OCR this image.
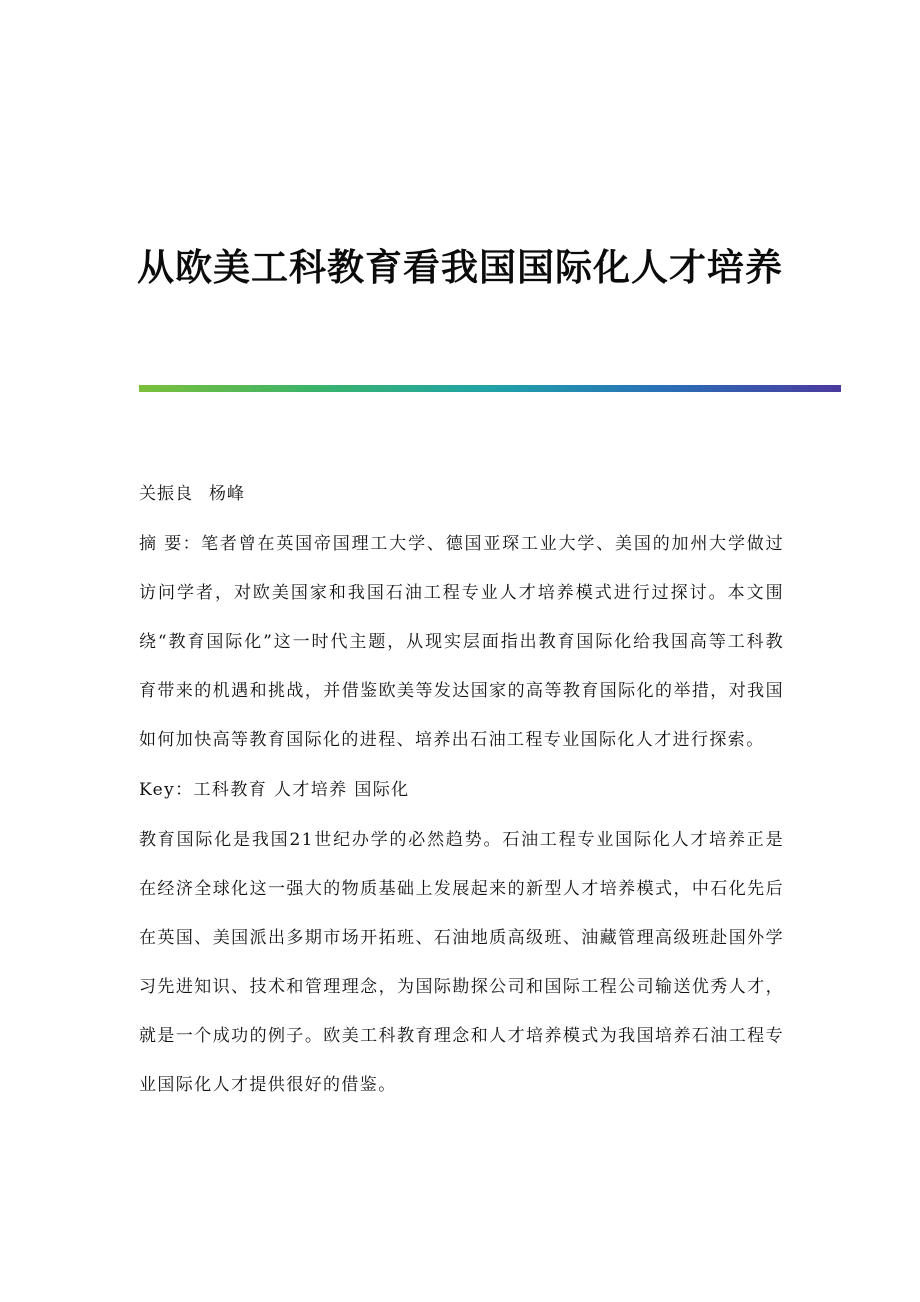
从欧美工科教育看我国国际化人才培养

关振良 杨峰

摘 要：笔者曾在英国帝国理工大学、德国亚琛工业大学、美国的加州大学做过访问学者，对欧美国家和我国石油工程专业人才培养模式进行过探讨。本文围绕“教育国际化”这一时代主题，从现实层面指出教育国际化给我国高等工科教育带来的机遇和挑战，并借鉴欧美等发达国家的高等教育国际化的举措，对我国如何加快高等教育国际化的进程、培养出石油工程专业国际化人才进行探索。

Key：工科教育 人才培养 国际化

教育国际化是我国21世纪办学的必然趋势。石油工程专业国际化人才培养正是在经济全球化这一强大的物质基础上发展起来的新型人才培养模式，中石化先后在英国、美国派出多期市场开拓班、石油地质高级班、油藏管理高级班赴国外学习先进知识、技术和管理理念，为国际勘探公司和国际工程公司输送优秀人才，就是一个成功的例子。欧美工科教育理念和人才培养模式为我国培养石油工程专业国际化人才提供很好的借鉴。
